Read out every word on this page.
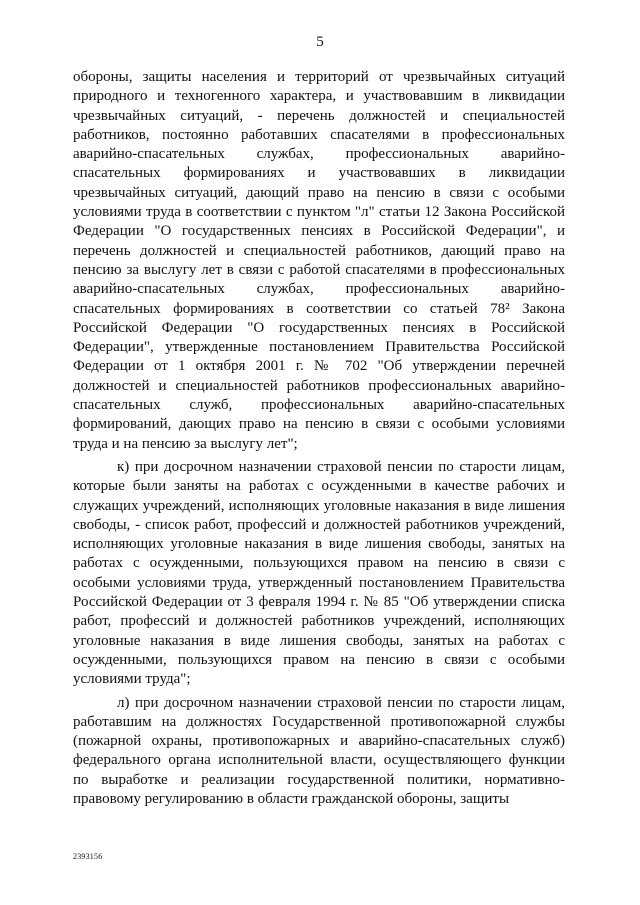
5

обороны, защиты населения и территорий от чрезвычайных ситуаций природного и техногенного характера, и участвовавшим в ликвидации чрезвычайных ситуаций, - перечень должностей и специальностей работников, постоянно работавших спасателями в профессиональных аварийно-спасательных службах, профессиональных аварийно-спасательных формированиях и участвовавших в ликвидации чрезвычайных ситуаций, дающий право на пенсию в связи с особыми условиями труда в соответствии с пунктом "л" статьи 12 Закона Российской Федерации "О государственных пенсиях в Российской Федерации", и перечень должностей и специальностей работников, дающий право на пенсию за выслугу лет в связи с работой спасателями в профессиональных аварийно-спасательных службах, профессиональных аварийно-спасательных формированиях в соответствии со статьей 78² Закона Российской Федерации "О государственных пенсиях в Российской Федерации", утвержденные постановлением Правительства Российской Федерации от 1 октября 2001 г. № 702 "Об утверждении перечней должностей и специальностей работников профессиональных аварийно-спасательных служб, профессиональных аварийно-спасательных формирований, дающих право на пенсию в связи с особыми условиями труда и на пенсию за выслугу лет";

к) при досрочном назначении страховой пенсии по старости лицам, которые были заняты на работах с осужденными в качестве рабочих и служащих учреждений, исполняющих уголовные наказания в виде лишения свободы, - список работ, профессий и должностей работников учреждений, исполняющих уголовные наказания в виде лишения свободы, занятых на работах с осужденными, пользующихся правом на пенсию в связи с особыми условиями труда, утвержденный постановлением Правительства Российской Федерации от 3 февраля 1994 г. № 85 "Об утверждении списка работ, профессий и должностей работников учреждений, исполняющих уголовные наказания в виде лишения свободы, занятых на работах с осужденными, пользующихся правом на пенсию в связи с особыми условиями труда";

л) при досрочном назначении страховой пенсии по старости лицам, работавшим на должностях Государственной противопожарной службы (пожарной охраны, противопожарных и аварийно-спасательных служб) федерального органа исполнительной власти, осуществляющего функции по выработке и реализации государственной политики, нормативно-правовому регулированию в области гражданской обороны, защиты

2393156
